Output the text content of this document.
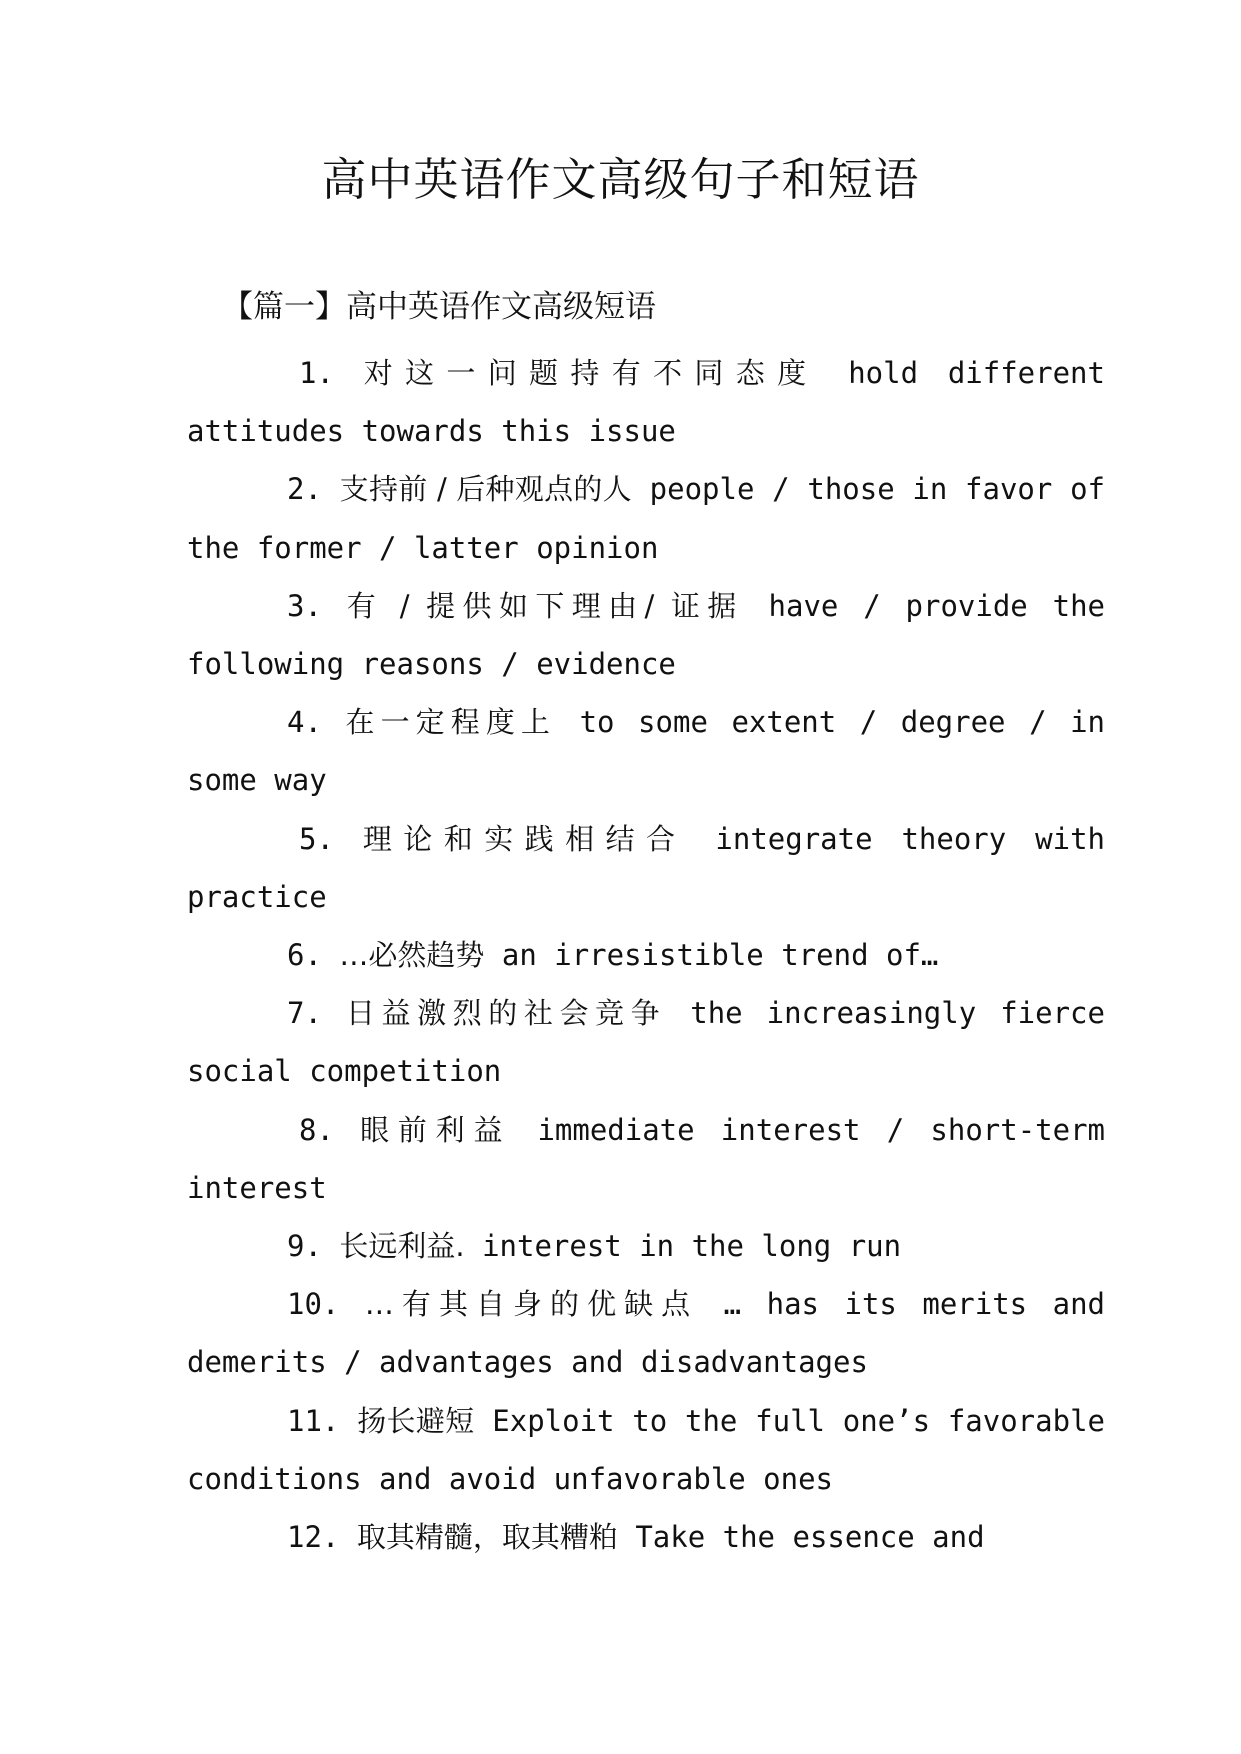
高中英语作文高级句子和短语
【篇一】高中英语作文高级短语

1. 对这一问题持有不同态度 hold different attitudes towards this issue

2. 支持前 / 后种观点的人 people / those in favor of the former / latter opinion

3. 有 / 提供如下理由/ 证据 have / provide the following reasons / evidence

4. 在一定程度上 to some extent / degree / in some way

5. 理论和实践相结合 integrate theory with practice

6. …必然趋势 an irresistible trend of…

7. 日益激烈的社会竞争 the increasingly fierce social competition

8. 眼前利益 immediate interest / short-term interest

9. 长远利益. interest in the long run

10. …有其自身的优缺点 … has its merits and demerits / advantages and disadvantages

11. 扬长避短 Exploit to the full one’s favorable conditions and avoid unfavorable ones

12. 取其精髓，取其糟粕 Take the essence and
